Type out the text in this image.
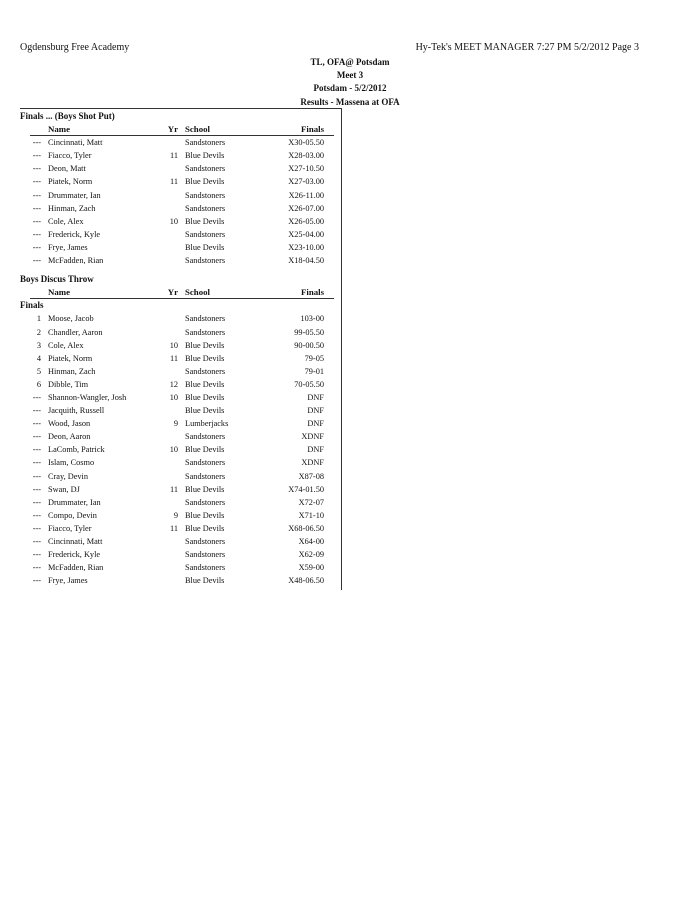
Ogdensburg Free Academy	Hy-Tek's MEET MANAGER 7:27 PM 5/2/2012 Page 3
TL, OFA@ Potsdam
Meet 3
Potsdam - 5/2/2012
Results - Massena at OFA
Finals ... (Boys Shot Put)
Name	Yr School	Finals
--- Cincinnati, Matt	Sandstoners	X30-05.50
--- Fiacco, Tyler	11 Blue Devils	X28-03.00
--- Deon, Matt	Sandstoners	X27-10.50
--- Piatek, Norm	11 Blue Devils	X27-03.00
--- Drummater, Ian	Sandstoners	X26-11.00
--- Hinman, Zach	Sandstoners	X26-07.00
--- Cole, Alex	10 Blue Devils	X26-05.00
--- Frederick, Kyle	Sandstoners	X25-04.00
--- Frye, James	Blue Devils	X23-10.00
--- McFadden, Rian	Sandstoners	X18-04.50
Boys Discus Throw
Name	Yr School	Finals
Finals
1 Moose, Jacob	Sandstoners	103-00
2 Chandler, Aaron	Sandstoners	99-05.50
3 Cole, Alex	10 Blue Devils	90-00.50
4 Piatek, Norm	11 Blue Devils	79-05
5 Hinman, Zach	Sandstoners	79-01
6 Dibble, Tim	12 Blue Devils	70-05.50
--- Shannon-Wangler, Josh	10 Blue Devils	DNF
--- Jacquith, Russell	Blue Devils	DNF
--- Wood, Jason	9 Lumberjacks	DNF
--- Deon, Aaron	Sandstoners	XDNF
--- LaComb, Patrick	10 Blue Devils	DNF
--- Islam, Cosmo	Sandstoners	XDNF
--- Cray, Devin	Sandstoners	X87-08
--- Swan, DJ	11 Blue Devils	X74-01.50
--- Drummater, Ian	Sandstoners	X72-07
--- Compo, Devin	9 Blue Devils	X71-10
--- Fiacco, Tyler	11 Blue Devils	X68-06.50
--- Cincinnati, Matt	Sandstoners	X64-00
--- Frederick, Kyle	Sandstoners	X62-09
--- McFadden, Rian	Sandstoners	X59-00
--- Frye, James	Blue Devils	X48-06.50
